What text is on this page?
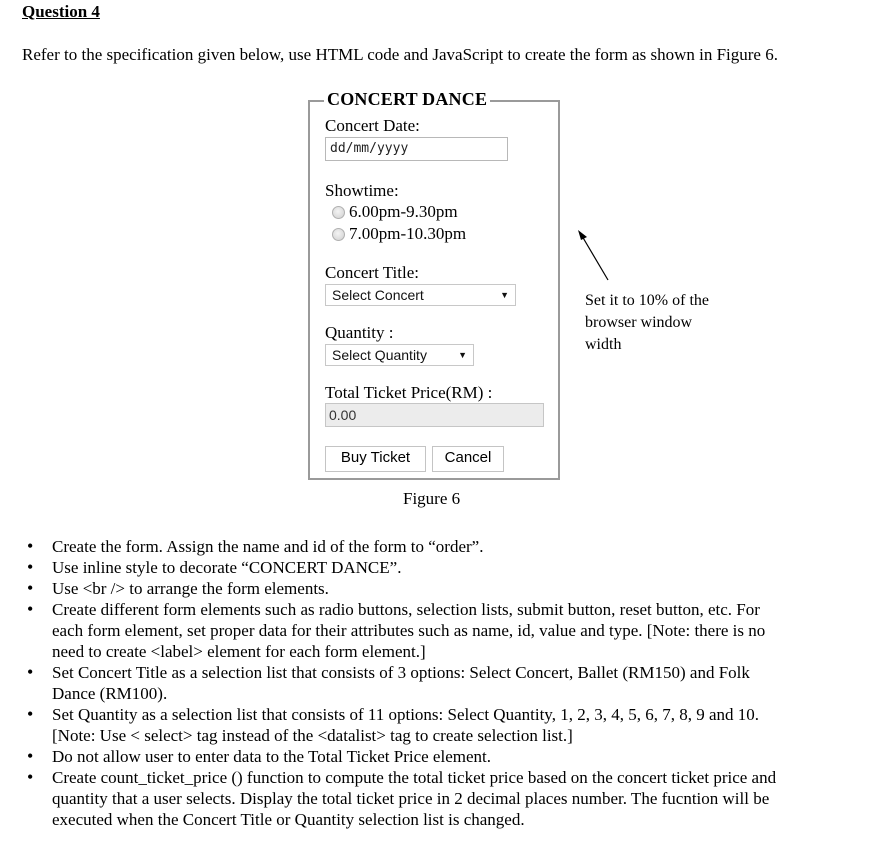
Question 4
Refer to the specification given below, use HTML code and JavaScript to create the form as shown in Figure 6.
CONCERT DANCE
Concert Date:
dd/mm/yyyy
Showtime:
6.00pm-9.30pm
7.00pm-10.30pm
Concert Title:
Select Concert	▼
Quantity :
Select Quantity	▼
Total Ticket Price(RM) :
0.00
Buy Ticket	Cancel
Figure 6
Set it to 10% of the browser window width
• Create the form. Assign the name and id of the form to “order”.
• Use inline style to decorate “CONCERT DANCE”.
• Use <br /> to arrange the form elements.
• Create different form elements such as radio buttons, selection lists, submit button, reset button, etc. For each form element, set proper data for their attributes such as name, id, value and type. [Note: there is no need to create <label> element for each form element.]
• Set Concert Title as a selection list that consists of 3 options: Select Concert, Ballet (RM150) and Folk Dance (RM100).
• Set Quantity as a selection list that consists of 11 options: Select Quantity, 1, 2, 3, 4, 5, 6, 7, 8, 9 and 10. [Note: Use < select> tag instead of the <datalist> tag to create selection list.]
• Do not allow user to enter data to the Total Ticket Price element.
• Create count_ticket_price () function to compute the total ticket price based on the concert ticket price and quantity that a user selects. Display the total ticket price in 2 decimal places number. The fucntion will be executed when the Concert Title or Quantity selection list is changed.
